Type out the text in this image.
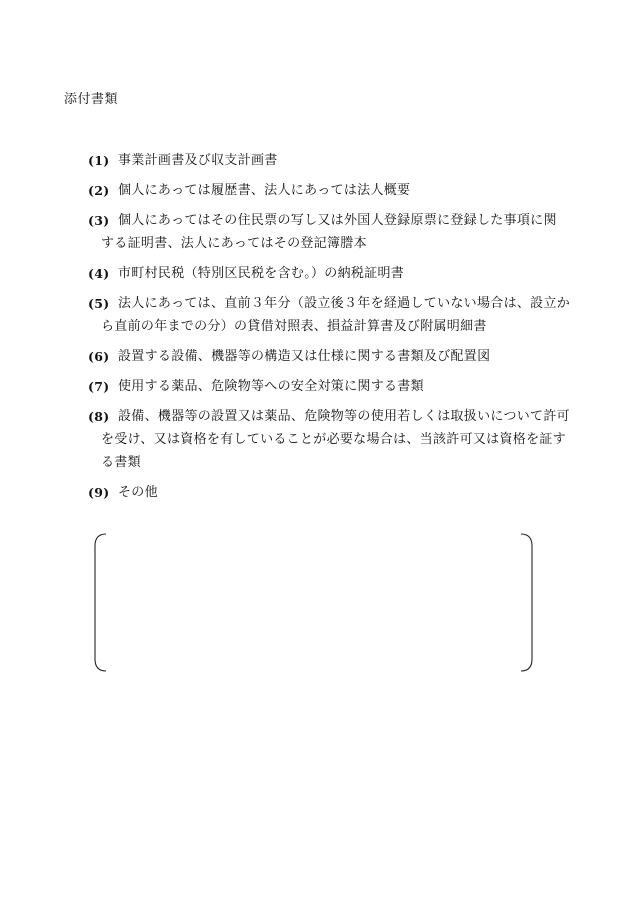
添付書類
(1) 事業計画書及び収支計画書
(2) 個人にあっては履歴書、法人にあっては法人概要
(3) 個人にあってはその住民票の写し又は外国人登録原票に登録した事項に関
する証明書、法人にあってはその登記簿謄本
(4) 市町村民税（特別区民税を含む。）の納税証明書
(5) 法人にあっては、直前３年分（設立後３年を経過していない場合は、設立か
ら直前の年までの分）の貸借対照表、損益計算書及び附属明細書
(6) 設置する設備、機器等の構造又は仕様に関する書類及び配置図
(7) 使用する薬品、危険物等への安全対策に関する書類
(8) 設備、機器等の設置又は薬品、危険物等の使用若しくは取扱いについて許可
を受け、又は資格を有していることが必要な場合は、当該許可又は資格を証す
る書類
(9) その他
